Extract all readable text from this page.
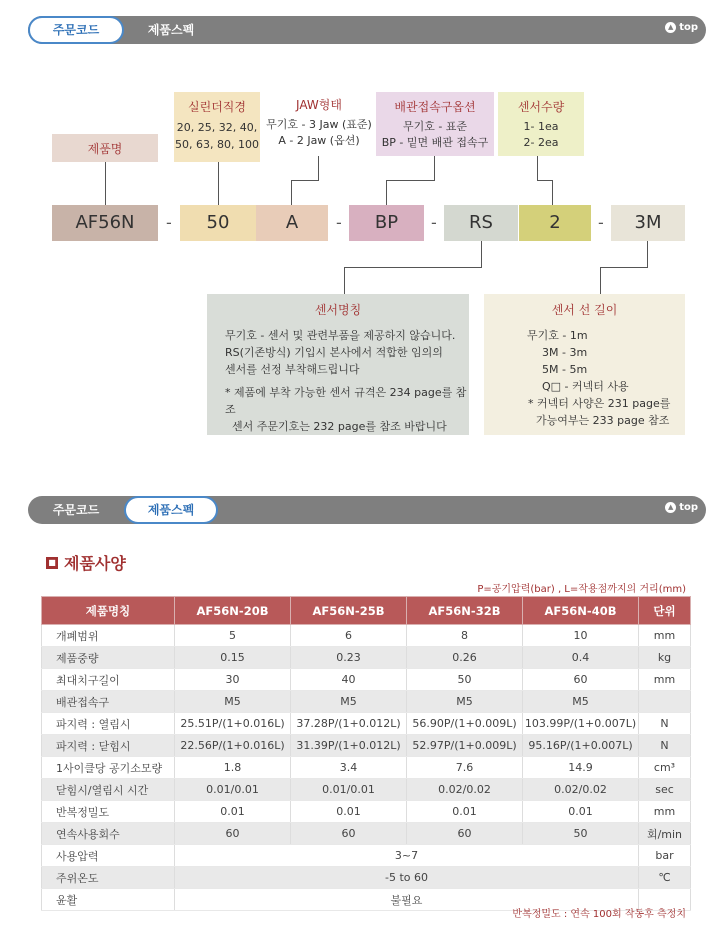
주문코드	제품스펙	▲ top
제품명
실린더직경
20, 25, 32, 40,
50, 63, 80, 100
JAW형태
무기호 - 3 Jaw (표준)
A - 2 Jaw (옵션)
배관접속구옵션
무기호 - 표준
BP - 밑면 배관 접속구
센서수량
1- 1ea
2- 2ea
AF56N	-	50	A	-	BP	-	RS	2	-	3M
센서명칭
무기호 - 센서 및 관련부품을 제공하지 않습니다.
RS(기존방식) 기입시 본사에서 적합한 임의의
센서를 선정 부착해드립니다
* 제품에 부착 가능한 센서 규격은 234 page를 참조
센서 주문기호는 232 page를 참조 바랍니다
센서 선 길이
무기호 - 1m
3M - 3m
5M - 5m
Q□ - 커넥터 사용
* 커넥터 사양은 231 page를
가능여부는 233 page 참조
주문코드	제품스펙	▲ top
■ 제품사양
P=공기압력(bar) , L=작용점까지의 거리(mm)
제품명칭	AF56N-20B	AF56N-25B	AF56N-32B	AF56N-40B	단위
개폐범위	5	6	8	10	mm
제품중량	0.15	0.23	0.26	0.4	kg
최대치구길이	30	40	50	60	mm
배관접속구	M5	M5	M5	M5	
파지력 : 열림시	25.51P/(1+0.016L)	37.28P/(1+0.012L)	56.90P/(1+0.009L)	103.99P/(1+0.007L)	N
파지력 : 닫힘시	22.56P/(1+0.016L)	31.39P/(1+0.012L)	52.97P/(1+0.009L)	95.16P/(1+0.007L)	N
1사이클당 공기소모량	1.8	3.4	7.6	14.9	cm³
닫힘시/열림시 시간	0.01/0.01	0.01/0.01	0.02/0.02	0.02/0.02	sec
반복정밀도	0.01	0.01	0.01	0.01	mm
연속사용회수	60	60	60	50	회/min
사용압력	3~7				bar
주위온도	-5 to 60				℃
윤활	불필요				
반복정밀도 : 연속 100회 작동후 측정치
